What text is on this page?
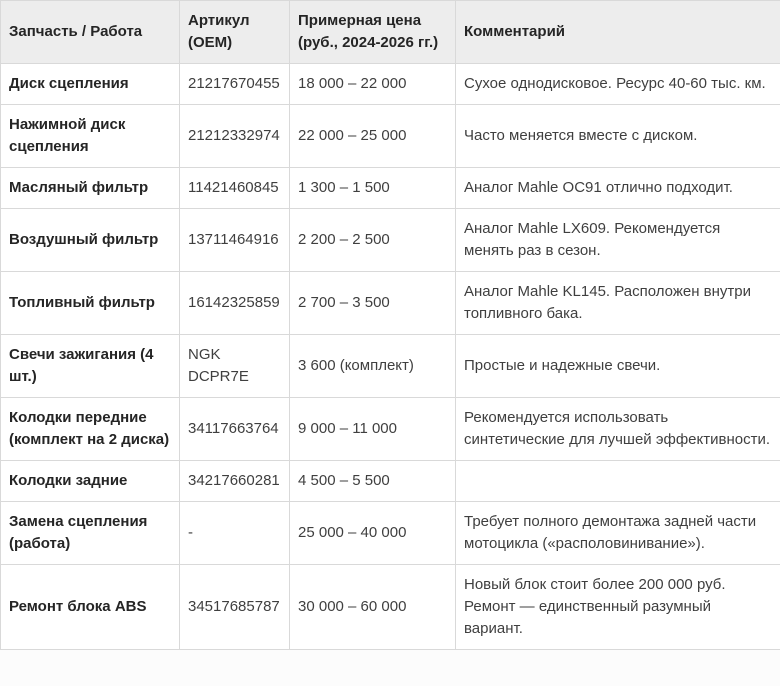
Запчасть / Работа	Артикул (OEM)	Примерная цена (руб., 2024-2026 гг.)	Комментарий
Диск сцепления	21217670455	18 000 – 22 000	Сухое однодисковое. Ресурс 40-60 тыс. км.
Нажимной диск сцепления	21212332974	22 000 – 25 000	Часто меняется вместе с диском.
Масляный фильтр	11421460845	1 300 – 1 500	Аналог Mahle OC91 отлично подходит.
Воздушный фильтр	13711464916	2 200 – 2 500	Аналог Mahle LX609. Рекомендуется менять раз в сезон.
Топливный фильтр	16142325859	2 700 – 3 500	Аналог Mahle KL145. Расположен внутри топливного бака.
Свечи зажигания (4 шт.)	NGK DCPR7E	3 600 (комплект)	Простые и надежные свечи.
Колодки передние (комплект на 2 диска)	34117663764	9 000 – 11 000	Рекомендуется использовать синтетические для лучшей эффективности.
Колодки задние	34217660281	4 500 – 5 500	
Замена сцепления (работа)	-	25 000 – 40 000	Требует полного демонтажа задней части мотоцикла («располовинивание»).
Ремонт блока ABS	34517685787	30 000 – 60 000	Новый блок стоит более 200 000 руб. Ремонт — единственный разумный вариант.
